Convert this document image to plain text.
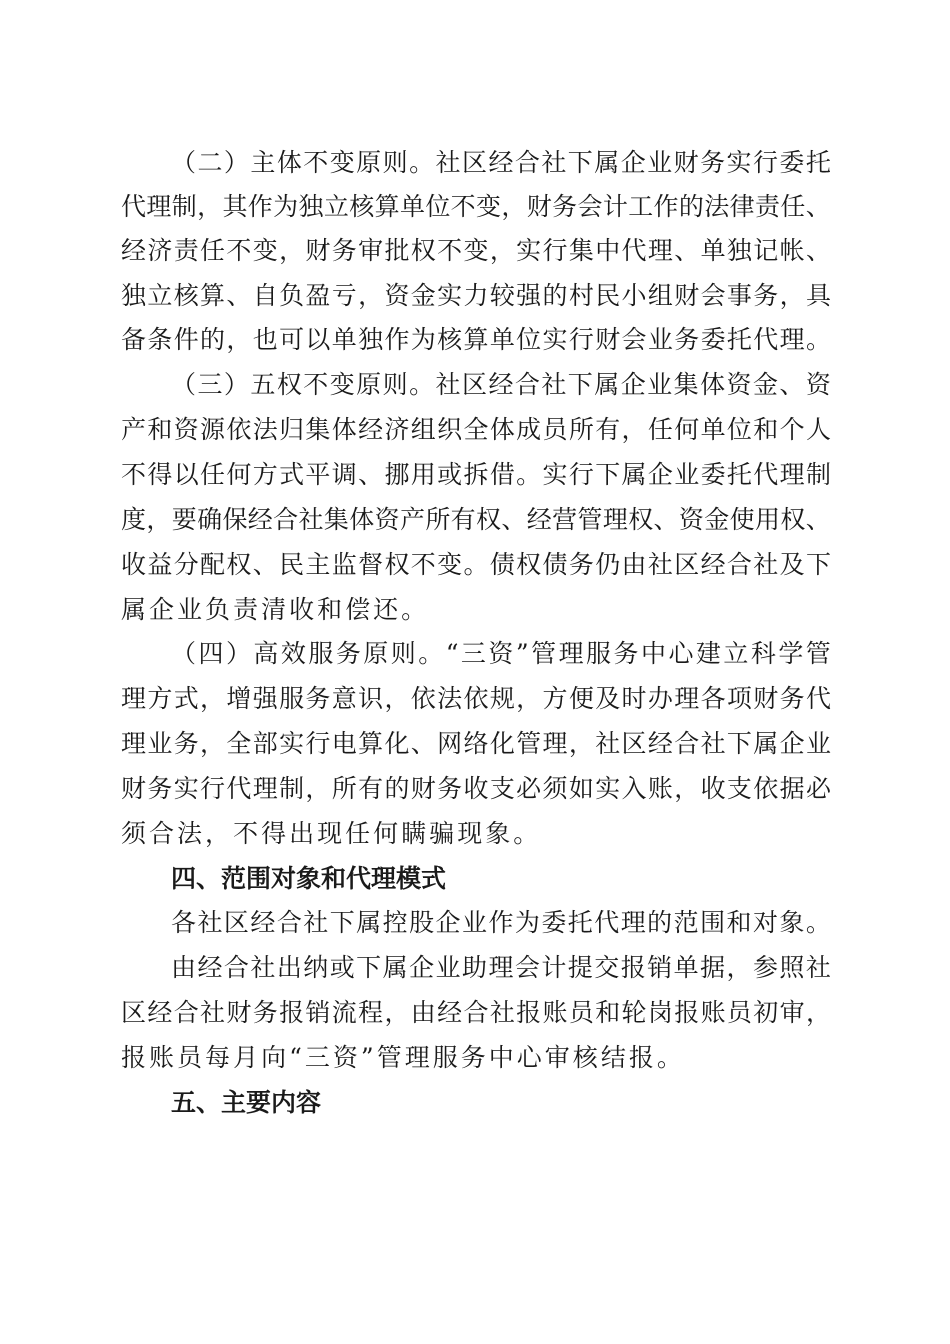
（ 二 ） 主 体 不 变 原 则 。 社 区 经 合 社 下 属 企 业 财 务 实 行 委 托
代 理 制 ， 其 作 为 独 立 核 算 单 位 不 变 ， 财 务 会 计 工 作 的 法 律 责 任 、
经 济 责 任 不 变 ， 财 务 审 批 权 不 变 ， 实 行 集 中 代 理 、 单 独 记 帐 、
独 立 核 算 、 自 负 盈 亏 ， 资 金 实 力 较 强 的 村 民 小 组 财 会 事 务 ， 具
备 条 件 的 ， 也 可 以 单 独 作 为 核 算 单 位 实 行 财 会 业 务 委 托 代 理 。
（ 三 ） 五 权 不 变 原 则 。 社 区 经 合 社 下 属 企 业 集 体 资 金 、 资
产 和 资 源 依 法 归 集 体 经 济 组 织 全 体 成 员 所 有 ， 任 何 单 位 和 个 人
不 得 以 任 何 方 式 平 调 、 挪 用 或 拆 借 。 实 行 下 属 企 业 委 托 代 理 制
度 ， 要 确 保 经 合 社 集 体 资 产 所 有 权 、 经 营 管 理 权 、 资 金 使 用 权 、
收 益 分 配 权 、 民 主 监 督 权 不 变 。 债 权 债 务 仍 由 社 区 经 合 社 及 下
属 企 业 负 责 清 收 和 偿 还 。
（ 四 ） 高 效 服 务 原 则 。 “ 三 资 ” 管 理 服 务 中 心 建 立 科 学 管
理 方 式 ， 增 强 服 务 意 识 ， 依 法 依 规 ， 方 便 及 时 办 理 各 项 财 务 代
理 业 务 ， 全 部 实 行 电 算 化 、 网 络 化 管 理 ， 社 区 经 合 社 下 属 企 业
财 务 实 行 代 理 制 ， 所 有 的 财 务 收 支 必 须 如 实 入 账 ， 收 支 依 据 必
须 合 法 ， 不 得 出 现 任 何 瞒 骗 现 象 。
四、范围对象和代理模式
各 社 区 经 合 社 下 属 控 股 企 业 作 为 委 托 代 理 的 范 围 和 对 象 。
由 经 合 社 出 纳 或 下 属 企 业 助 理 会 计 提 交 报 销 单 据 ， 参 照 社
区 经 合 社 财 务 报 销 流 程 ， 由 经 合 社 报 账 员 和 轮 岗 报 账 员 初 审 ，
报 账 员 每 月 向 “ 三 资 ” 管 理 服 务 中 心 审 核 结 报 。
五、主要内容
